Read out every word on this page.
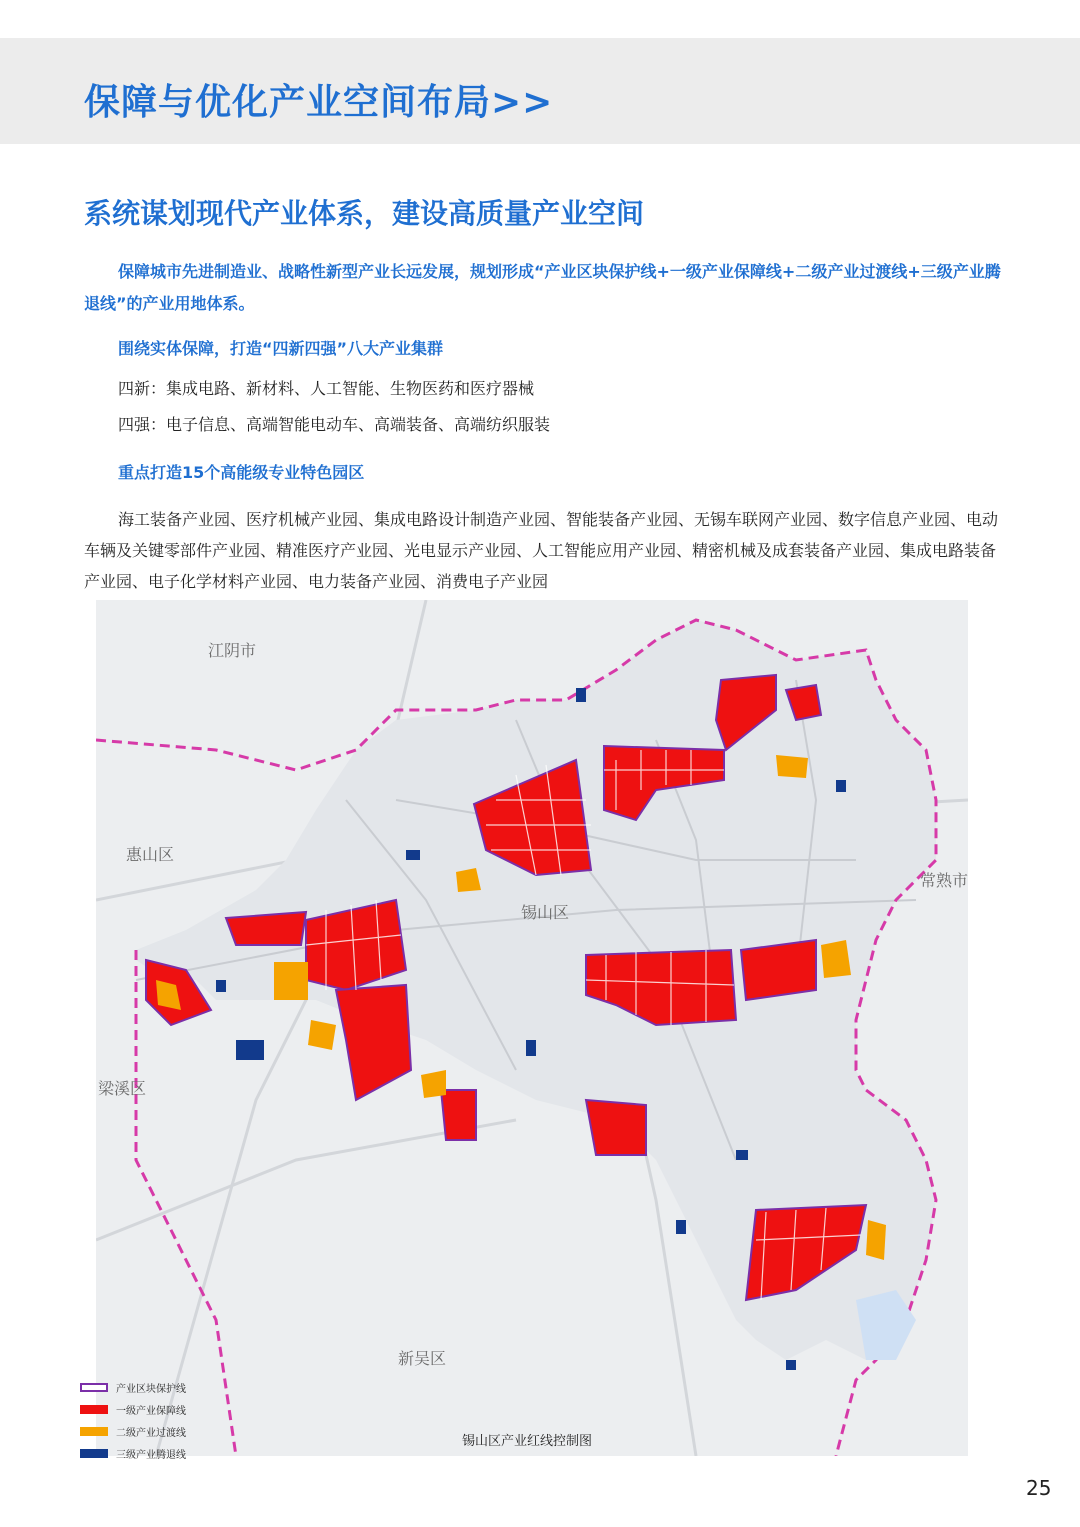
保障与优化产业空间布局>>
系统谋划现代产业体系，建设高质量产业空间
保障城市先进制造业、战略性新型产业长远发展，规划形成“产业区块保护线+一级产业保障线+二级产业过渡线+三级产业腾退线”的产业用地体系。
围绕实体保障，打造“四新四强”八大产业集群
四新：集成电路、新材料、人工智能、生物医药和医疗器械
四强：电子信息、高端智能电动车、高端装备、高端纺织服装
重点打造15个高能级专业特色园区
海工装备产业园、医疗机械产业园、集成电路设计制造产业园、智能装备产业园、无锡车联网产业园、数字信息产业园、电动车辆及关键零部件产业园、精准医疗产业园、光电显示产业园、人工智能应用产业园、精密机械及成套装备产业园、集成电路装备产业园、电子化学材料产业园、电力装备产业园、消费电子产业园
江阴市
惠山区
锡山区
常熟市
梁溪区
新吴区
产业区块保护线
一级产业保障线
二级产业过渡线
三级产业腾退线
锡山区产业红线控制图
25
